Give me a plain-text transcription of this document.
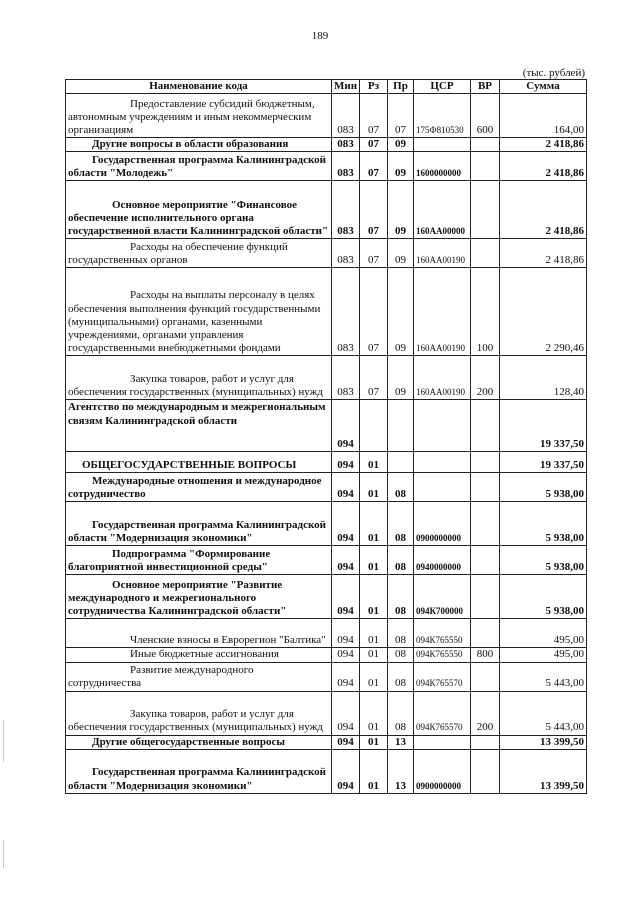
189
(тыс. рублей)
Наименование кода	Мин	Рз	Пр	ЦСР	ВР	Сумма
Предоставление субсидий бюджетным, автономным учреждениям и иным некоммерческим организациям	083	07	07	175Ф810530	600	164,00
Другие вопросы в области образования	083	07	09			2 418,86
Государственная программа Калининградской области "Молодежь"	083	07	09	1600000000		2 418,86
Основное мероприятие "Финансовое обеспечение исполнительного органа государственной власти Калининградской области"	083	07	09	160АА00000		2 418,86
Расходы на обеспечение функций государственных органов	083	07	09	160АА00190		2 418,86
Расходы на выплаты персоналу в целях обеспечения выполнения функций государственными (муниципальными) органами, казенными учреждениями, органами управления государственными внебюджетными фондами	083	07	09	160АА00190	100	2 290,46
Закупка товаров, работ и услуг для обеспечения государственных (муниципальных) нужд	083	07	09	160АА00190	200	128,40
Агентство по международным и межрегиональным связям Калининградской области	094					19 337,50
ОБЩЕГОСУДАРСТВЕННЫЕ ВОПРОСЫ	094	01				19 337,50
Международные отношения и международное сотрудничество	094	01	08			5 938,00
Государственная программа Калининградской области "Модернизация экономики"	094	01	08	0900000000		5 938,00
Подпрограмма "Формирование благоприятной инвестиционной среды"	094	01	08	0940000000		5 938,00
Основное мероприятие "Развитие международного и межрегионального сотрудничества Калининградской области"	094	01	08	094К700000		5 938,00
Членские взносы в Еврорегион "Балтика"	094	01	08	094К765550		495,00
Иные бюджетные ассигнования	094	01	08	094К765550	800	495,00
Развитие международного сотрудничества	094	01	08	094К765570		5 443,00
Закупка товаров, работ и услуг для обеспечения государственных (муниципальных) нужд	094	01	08	094К765570	200	5 443,00
Другие общегосударственные вопросы	094	01	13			13 399,50
Государственная программа Калининградской области "Модернизация экономики"	094	01	13	0900000000		13 399,50
